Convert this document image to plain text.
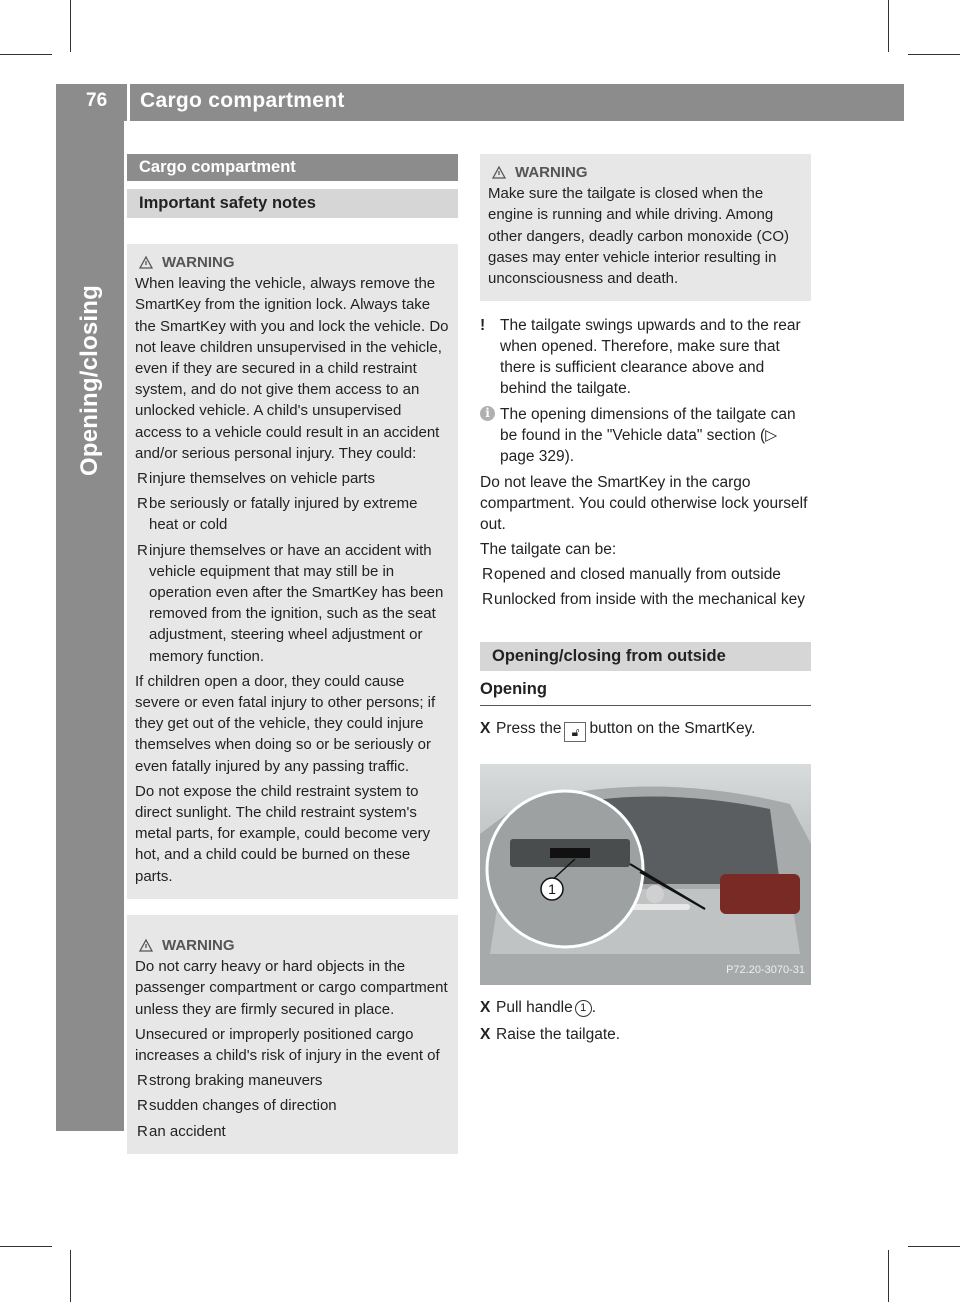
76 Cargo compartment
Opening/closing
Cargo compartment
Important safety notes
WARNING

When leaving the vehicle, always remove the SmartKey from the ignition lock. Always take the SmartKey with you and lock the vehicle. Do not leave children unsupervised in the vehicle, even if they are secured in a child restraint system, and do not give them access to an unlocked vehicle. A child's unsupervised access to a vehicle could result in an accident and/or serious personal injury. They could:

R injure themselves on vehicle parts
R be seriously or fatally injured by extreme heat or cold
R injure themselves or have an accident with vehicle equipment that may still be in operation even after the SmartKey has been removed from the ignition, such as the seat adjustment, steering wheel adjustment or memory function.

If children open a door, they could cause severe or even fatal injury to other persons; if they get out of the vehicle, they could injure themselves when doing so or be seriously or even fatally injured by any passing traffic.

Do not expose the child restraint system to direct sunlight. The child restraint system's metal parts, for example, could become very hot, and a child could be burned on these parts.

WARNING

Do not carry heavy or hard objects in the passenger compartment or cargo compartment unless they are firmly secured in place.

Unsecured or improperly positioned cargo increases a child's risk of injury in the event of

R strong braking maneuvers
R sudden changes of direction
R an accident
WARNING

Make sure the tailgate is closed when the engine is running and while driving. Among other dangers, deadly carbon monoxide (CO) gases may enter vehicle interior resulting in unconsciousness and death.

! The tailgate swings upwards and to the rear when opened. Therefore, make sure that there is sufficient clearance above and behind the tailgate.
i The opening dimensions of the tailgate can be found in the "Vehicle data" section (▷ page 329).

Do not leave the SmartKey in the cargo compartment. You could otherwise lock yourself out.

The tailgate can be:

R opened and closed manually from outside
R unlocked from inside with the mechanical key
Opening/closing from outside
Opening
X Press the 🔓︎ button on the SmartKey.
1
P72.20-3070-31
X Pull handle 1 .
X Raise the tailgate.
